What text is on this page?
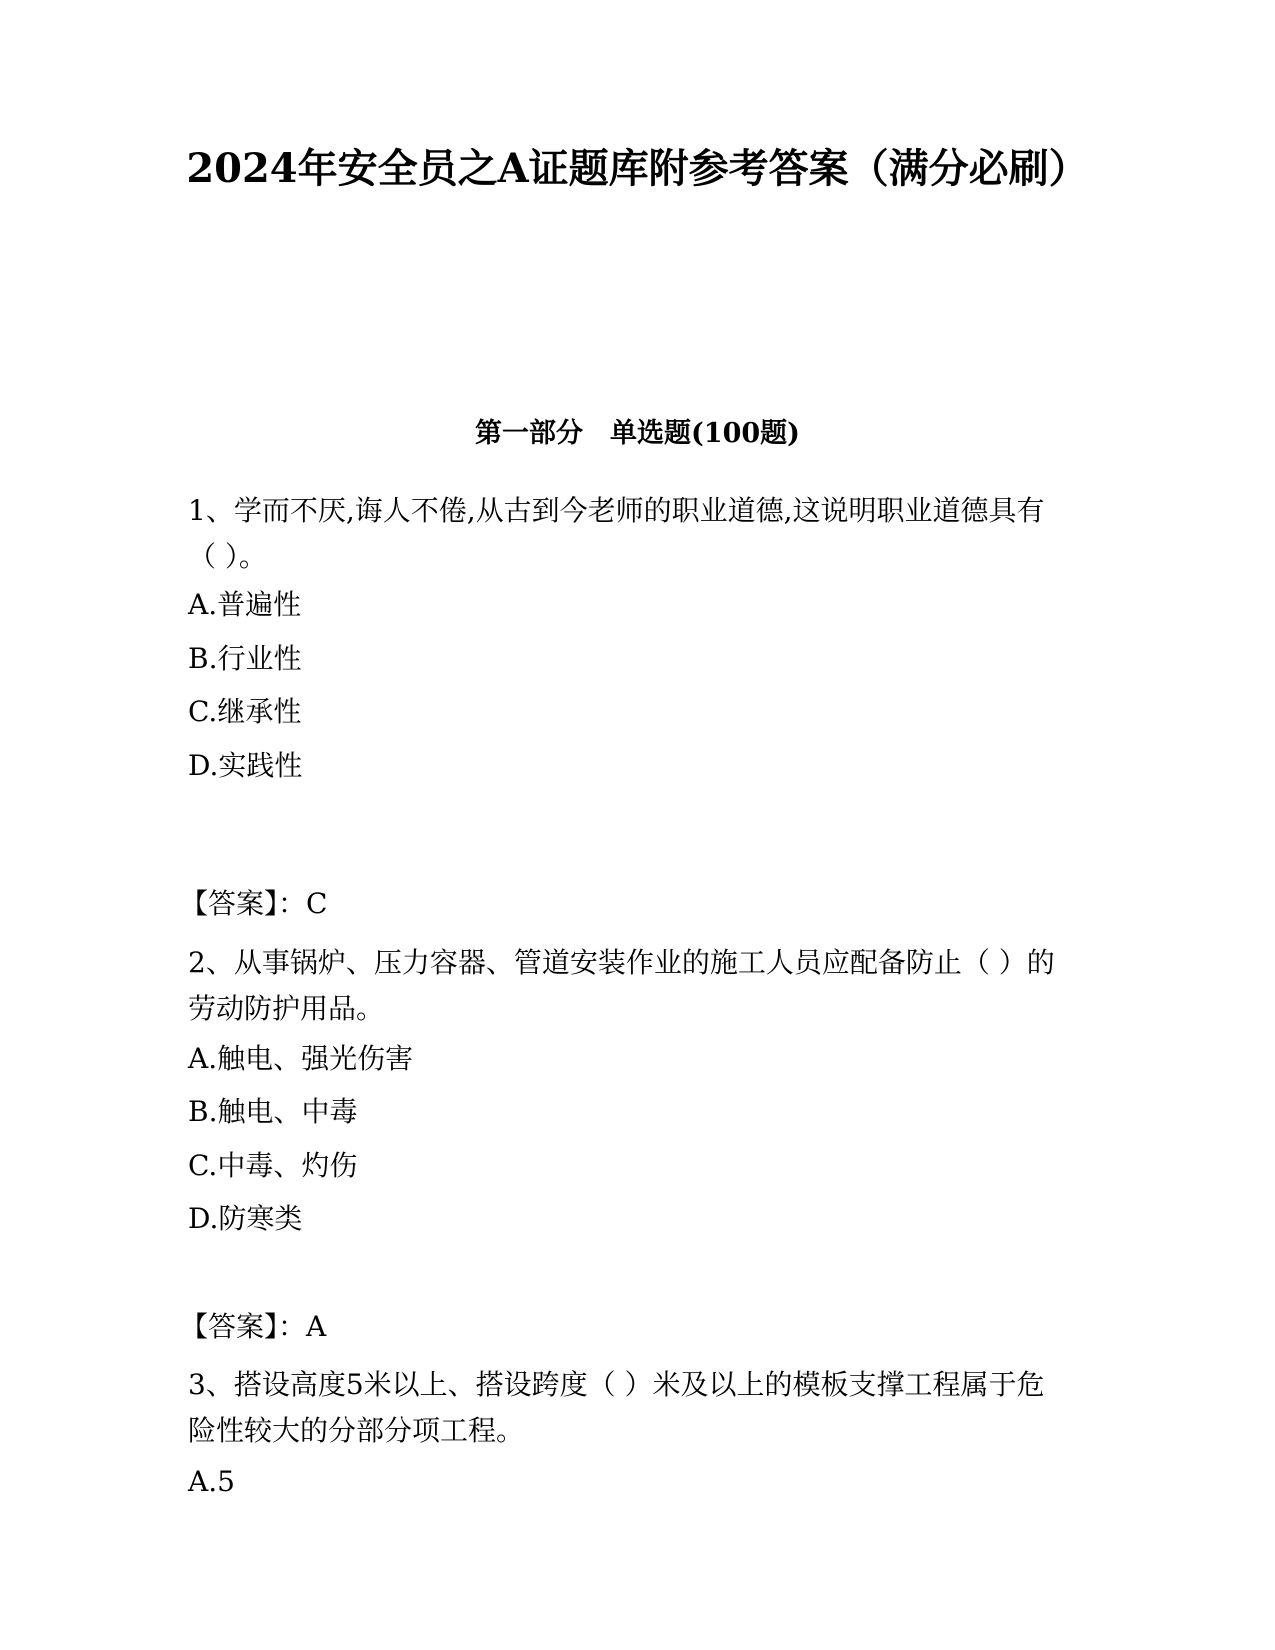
2024年安全员之A证题库附参考答案（满分必刷）
第一部分　单选题(100题)

1、学而不厌,诲人不倦,从古到今老师的职业道德,这说明职业道德具有（ ）。

A.普遍性

B.行业性

C.继承性

D.实践性

【答案】：C

2、从事锅炉、压力容器、管道安装作业的施工人员应配备防止（ ）的劳动防护用品。

A.触电、强光伤害

B.触电、中毒

C.中毒、灼伤

D.防寒类

【答案】：A

3、搭设高度5米以上、搭设跨度（ ）米及以上的模板支撑工程属于危险性较大的分部分项工程。

A.5
